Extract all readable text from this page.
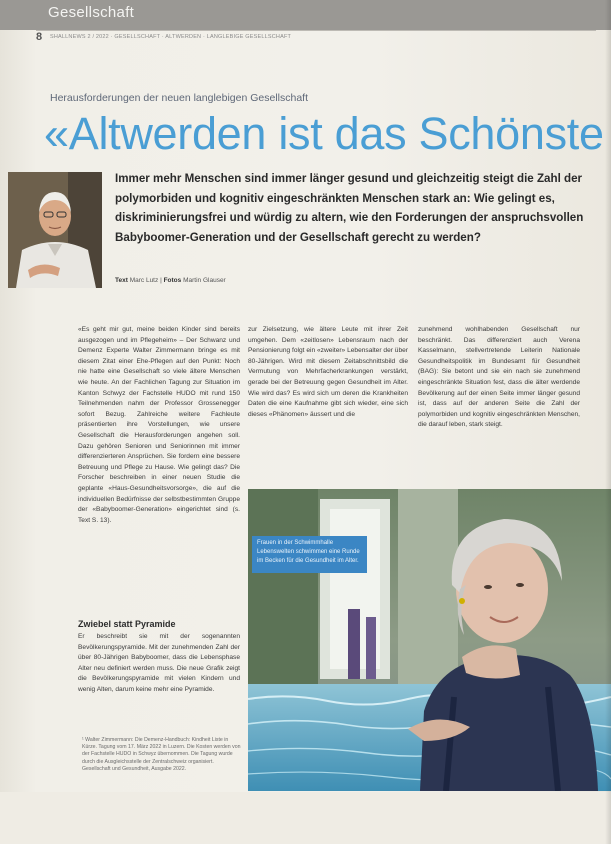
Gesellschaft
8 SHALLNEWS 2 / 2022 · GESELLSCHAFT · ALTWERDEN · LANGLEBIGE GESELLSCHAFT
Herausforderungen der neuen langlebigen Gesellschaft
«Altwerden ist das Schönste
Immer mehr Menschen sind immer länger gesund und gleichzeitig steigt die Zahl der polymorbiden und kognitiv eingeschränkten Menschen stark an: Wie gelingt es, diskriminierungsfrei und würdig zu altern, wie den Forderungen der anspruchsvollen Babyboomer-Generation und der Gesellschaft gerecht zu werden?
Text Marc Lutz | Fotos Martin Glauser
«Es geht mir gut, meine beiden Kinder sind bereits ausgezogen und im Pflegeheim» – Der Schwanz und Demenz Experte Walter Zimmermann bringe es mit diesem Zitat einer Ehe-Pflegen auf den Punkt: Noch nie hatte eine Gesellschaft so viele ältere Menschen wie heute. An der Fachlichen Tagung zur Situation im Kanton Schwyz der Fachstelle HUDO mit rund 150 Teilnehmenden nahm der Professor Grossenegger sofort Bezug. Zahlreiche weitere Fachleute präsentierten ihre Vorstellungen, wie unsere Gesellschaft die Herausforderungen angehen soll. Dazu gehören Senioren und Seniorinnen mit immer differenzierteren Ansprüchen. Sie fordern eine bessere Betreuung und Pflege zu Hause. Wie gelingt das? Die Forscher beschreiben in einer neuen Studie die geplante «Haus-Gesundheitsvorsorge», die auf die individuellen Bedürfnisse der selbstbestimmten Gruppe der «Babyboomer-Generation» eingerichtet sind (s. Text S. 13).
zur Zielsetzung, wie ältere Leute mit ihrer Zeit umgehen. Dem «zeitlosen» Lebensraum nach der Pensionierung folgt ein «zweiter» Lebensalter der über 80-Jährigen. Wird mit diesem Zeitabschnittsbild die Vermutung von Mehrfacherkrankungen verstärkt, gerade bei der Betreuung gegen Gesundheit im Alter. Wie wird das? Es wird sich um deren die Krankheiten Daten die eine Kaufnahme gibt sich wieder, eine sich dieses «Phänomen» äussert und die
zunehmend wohlhabenden Gesellschaft nur beschränkt. Das differenziert auch Verena Kasselmann, stellvertretende Leiterin Nationale Gesundheitspolitik im Bundesamt für Gesundheit (BAG): Sie betont und sie ein nach sie zunehmend eingeschränkte Situation fest, dass die älter werdende Bevölkerung auf der einen Seite immer länger gesund ist, dass auf der anderen Seite die Zahl der polymorbiden und kognitiv eingeschränkten Menschen, die darauf leben, stark steigt.
Zwiebel statt Pyramide
Er beschreibt sie mit der sogenannten Bevölkerungspyramide. Mit der zunehmenden Zahl der über 80-Jährigen Babyboomer, dass die Lebensphase Alter neu definiert werden muss. Die neue Grafik zeigt die Bevölkerungspyramide mit vielen Kindern und wenig Alten, darum keine mehr eine Pyramide.
¹ Walter Zimmermann: Die Demenz-Handbuch: Kindheit Liste in Kürze. Tagung vom 17. März 2022 in Luzern. Die Kosten werden von der Fachstelle HUDO in Schwyz übernommen. Die Tagung wurde durch die Ausgleichsstelle der Zentralschweiz organisiert. Gesellschaft und Gesundheit, Ausgabe 2022.
Frauen in der Schwimmhalle Lebenswelten schwimmen eine Runde im Becken für die Gesundheit im Alter.
